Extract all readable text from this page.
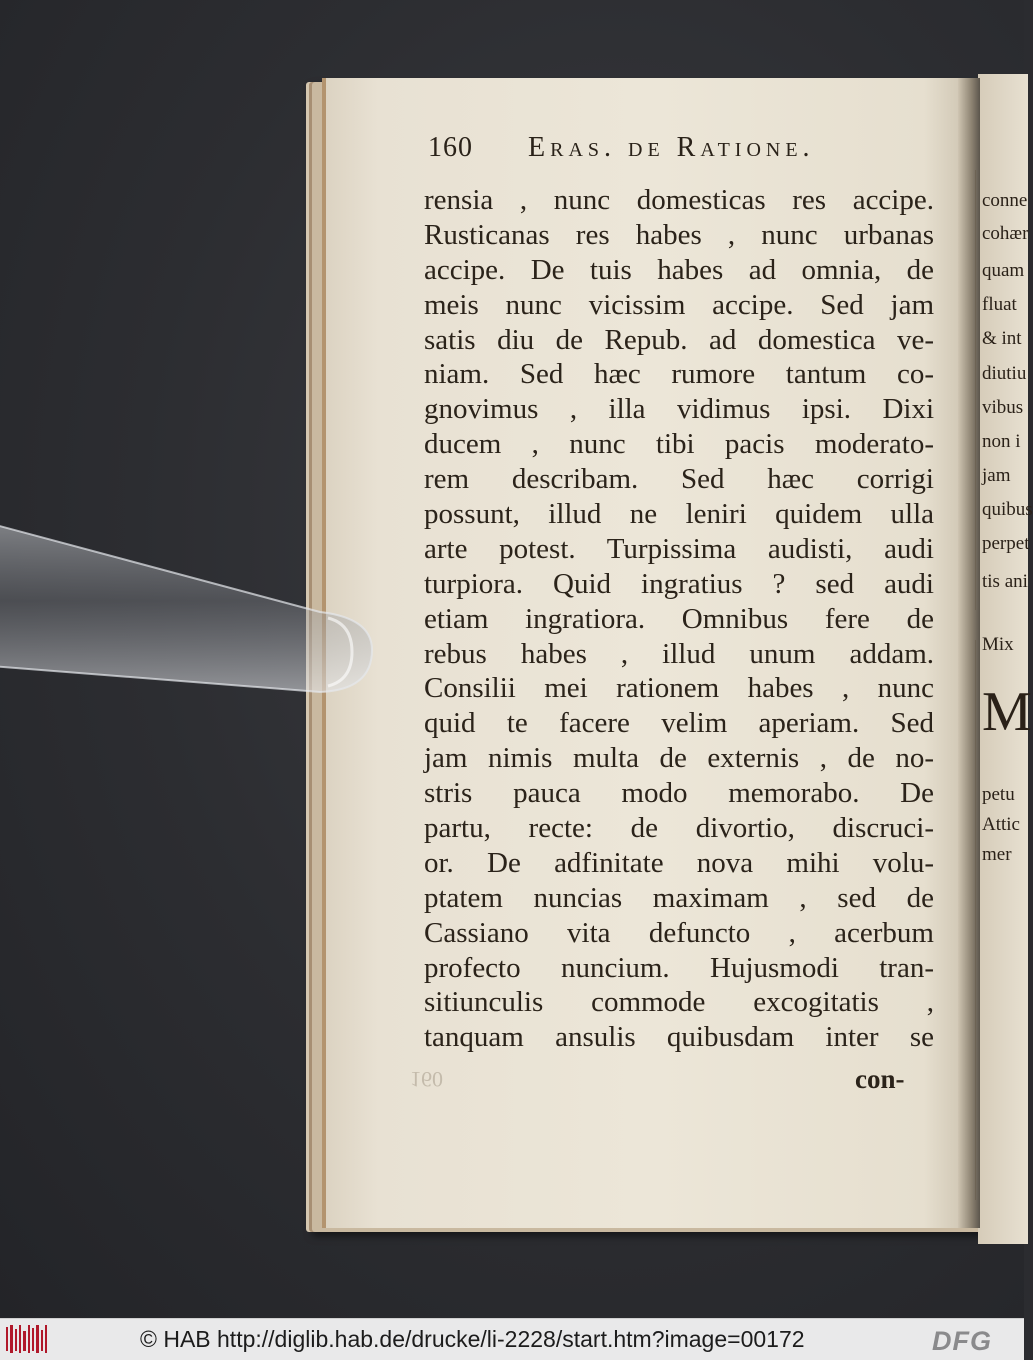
conne
cohær
quam
fluat
& int
diutiu
vibus
non i
jam
quibus
perpet
tis ani
Mix
M
petu
Attic
mer
160 Eras. de Ratione.
rensia , nunc domesticas res accipe.
Rusticanas res habes , nunc urbanas
accipe. De tuis habes ad omnia, de
meis nunc vicissim accipe. Sed jam
satis diu de Repub. ad domestica ve-
niam. Sed hæc rumore tantum co-
gnovimus , illa vidimus ipsi. Dixi
ducem , nunc tibi pacis moderato-
rem describam. Sed hæc corrigi
possunt, illud ne leniri quidem ulla
arte potest. Turpissima audisti, audi
turpiora. Quid ingratius ? sed audi
etiam ingratiora. Omnibus fere de
rebus habes , illud unum addam.
Consilii mei rationem habes , nunc
quid te facere velim aperiam. Sed
jam nimis multa de externis , de no-
stris pauca modo memorabo. De
partu, recte: de divortio, discruci-
or. De adfinitate nova mihi volu-
ptatem nuncias maximam , sed de
Cassiano vita defuncto , acerbum
profecto nuncium. Hujusmodi tran-
sitiunculis commode excogitatis ,
tanquam ansulis quibusdam inter se
160	con-
© HAB http://diglib.hab.de/drucke/li-2228/start.htm?image=00172	DFG
